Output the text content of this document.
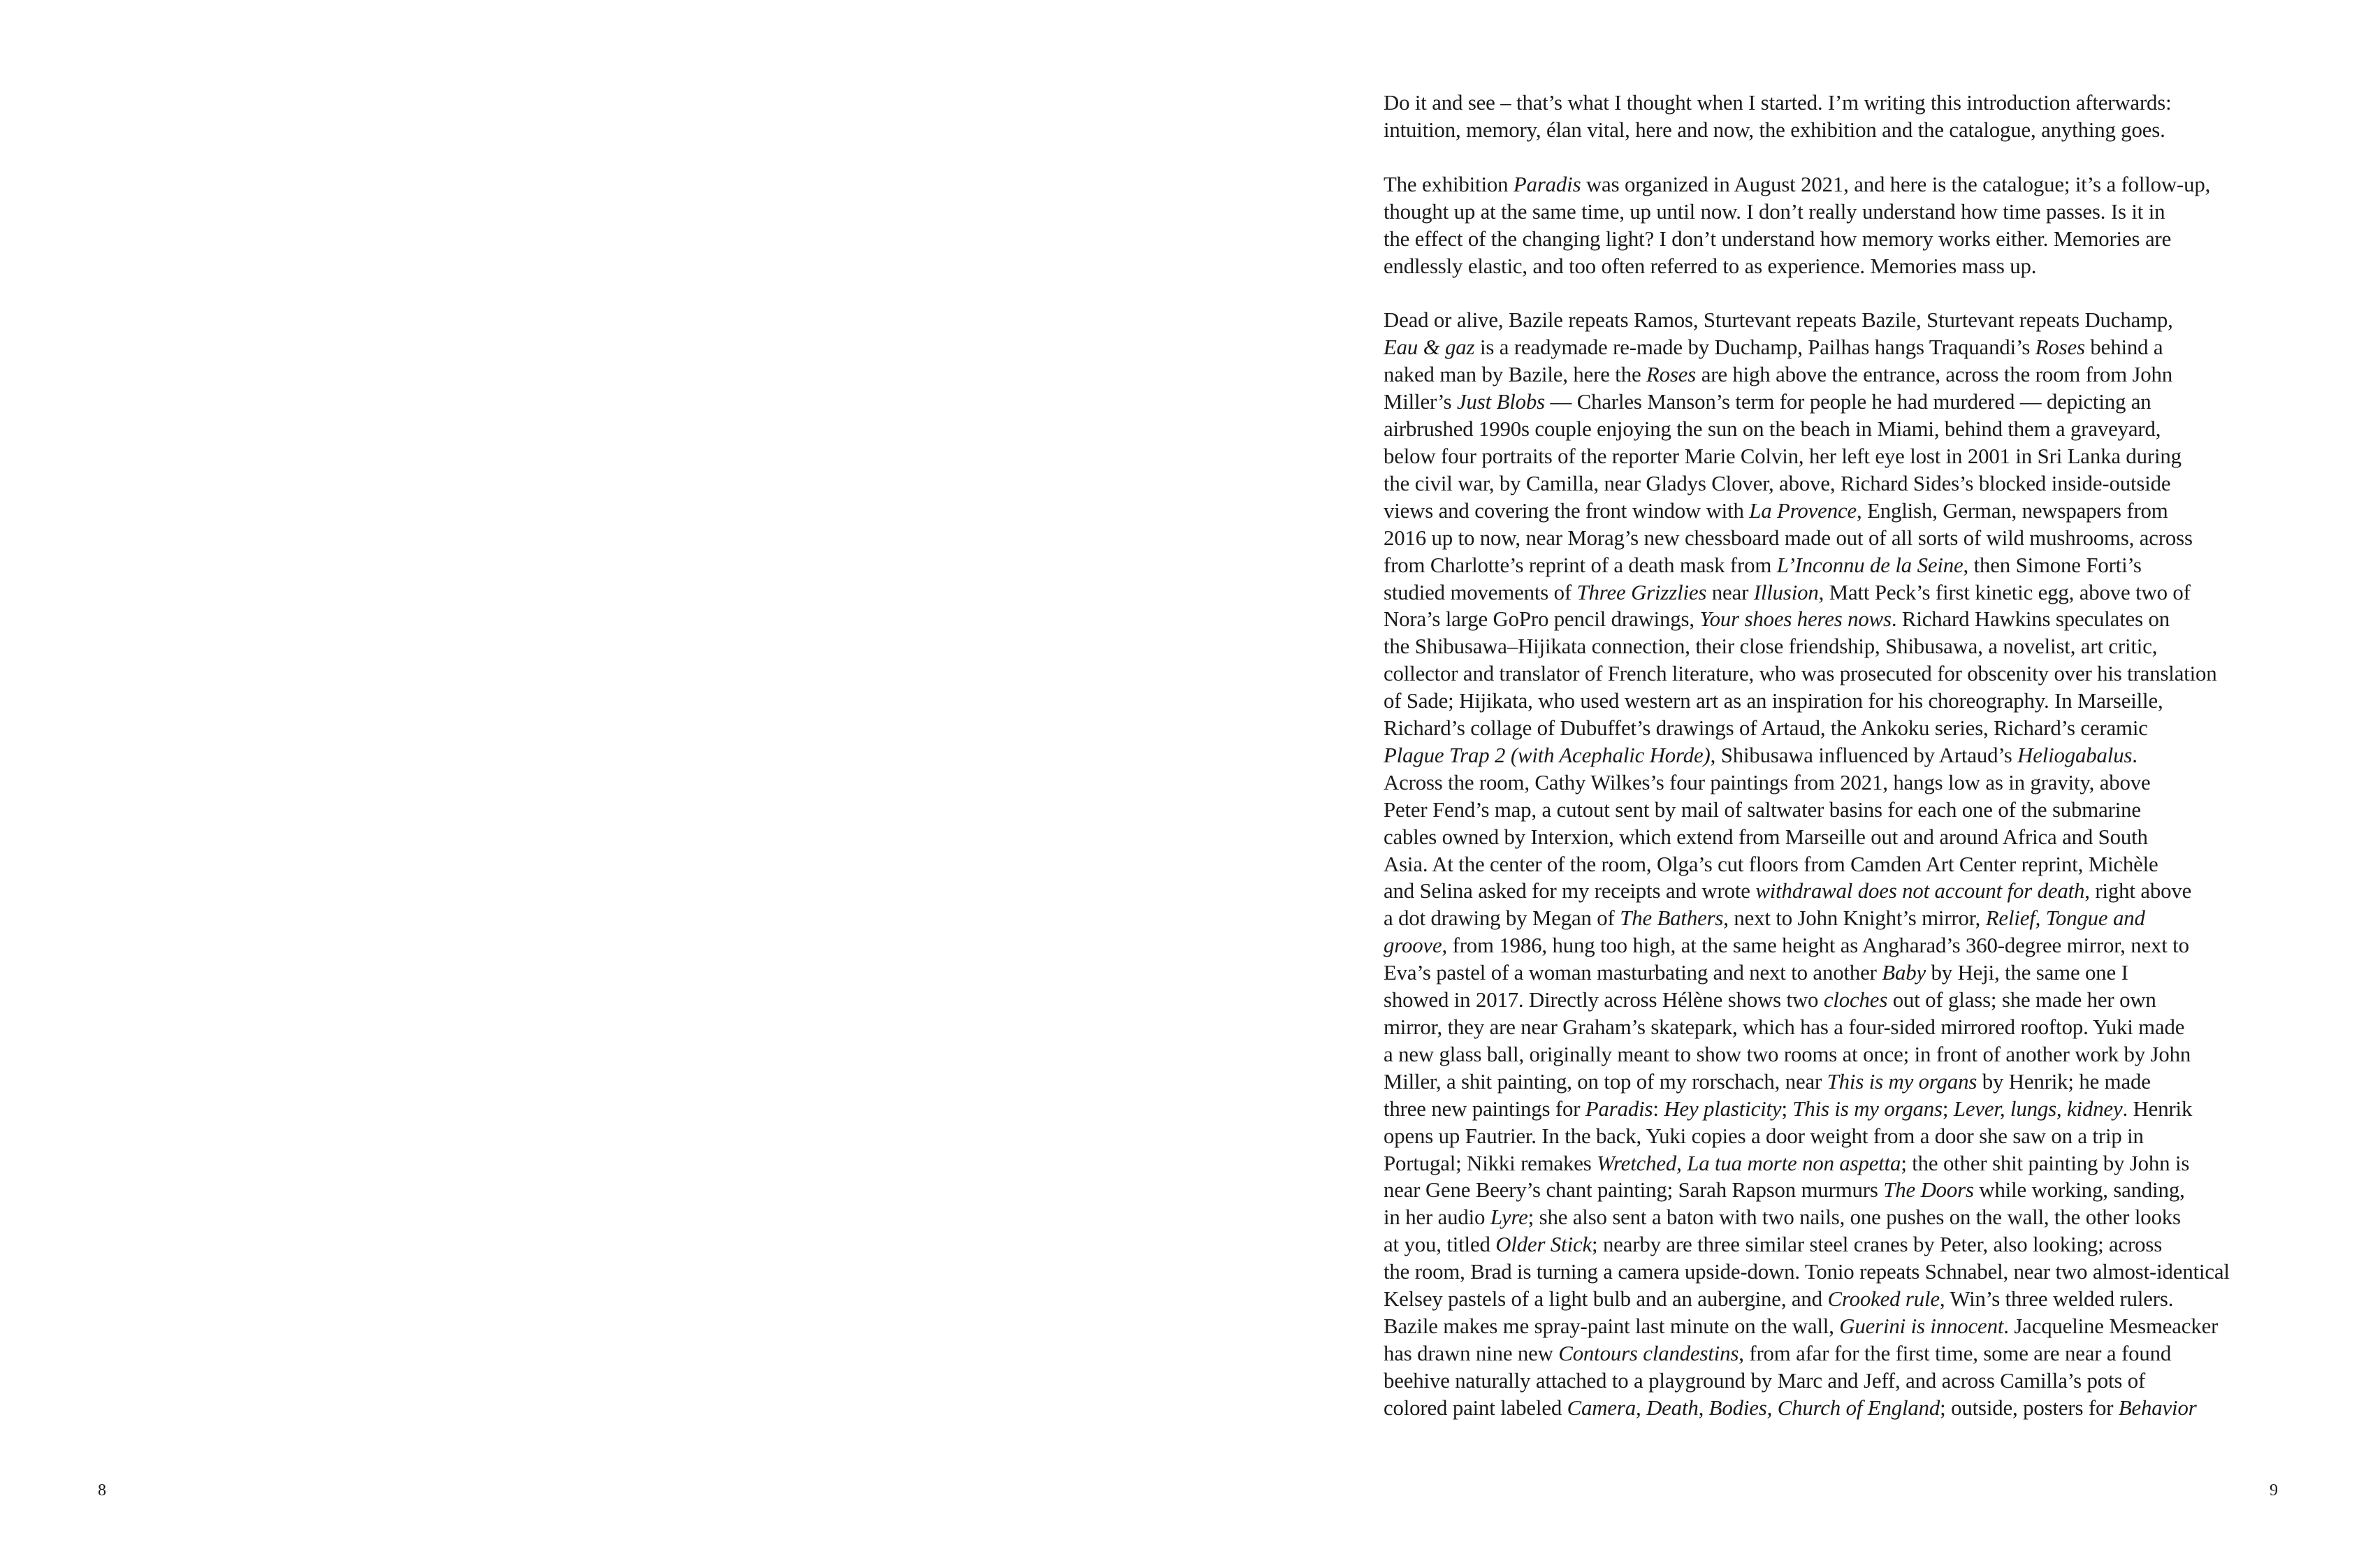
8
Do it and see – that’s what I thought when I started. I’m writing this introduction afterwards:
intuition, memory, élan vital, here and now, the exhibition and the catalogue, anything goes.
The exhibition Paradis was organized in August 2021, and here is the catalogue; it’s a follow-up,
thought up at the same time, up until now. I don’t really understand how time passes. Is it in
the effect of the changing light? I don’t understand how memory works either. Memories are
endlessly elastic, and too often referred to as experience. Memories mass up.
Dead or alive, Bazile repeats Ramos, Sturtevant repeats Bazile, Sturtevant repeats Duchamp,
Eau & gaz is a readymade re-made by Duchamp, Pailhas hangs Traquandi’s Roses behind a
naked man by Bazile, here the Roses are high above the entrance, across the room from John
Miller’s Just Blobs — Charles Manson’s term for people he had murdered — depicting an
airbrushed 1990s couple enjoying the sun on the beach in Miami, behind them a graveyard,
below four portraits of the reporter Marie Colvin, her left eye lost in 2001 in Sri Lanka during
the civil war, by Camilla, near Gladys Clover, above, Richard Sides’s blocked inside-outside
views and covering the front window with La Provence, English, German, newspapers from
2016 up to now, near Morag’s new chessboard made out of all sorts of wild mushrooms, across
from Charlotte’s reprint of a death mask from L’Inconnu de la Seine, then Simone Forti’s
studied movements of Three Grizzlies near Illusion, Matt Peck’s first kinetic egg, above two of
Nora’s large GoPro pencil drawings, Your shoes heres nows. Richard Hawkins speculates on
the Shibusawa–Hijikata connection, their close friendship, Shibusawa, a novelist, art critic,
collector and translator of French literature, who was prosecuted for obscenity over his translation
of Sade; Hijikata, who used western art as an inspiration for his choreography. In Marseille,
Richard’s collage of Dubuffet’s drawings of Artaud, the Ankoku series, Richard’s ceramic
Plague Trap 2 (with Acephalic Horde), Shibusawa influenced by Artaud’s Heliogabalus.
Across the room, Cathy Wilkes’s four paintings from 2021, hangs low as in gravity, above
Peter Fend’s map, a cutout sent by mail of saltwater basins for each one of the submarine
cables owned by Interxion, which extend from Marseille out and around Africa and South
Asia. At the center of the room, Olga’s cut floors from Camden Art Center reprint, Michèle
and Selina asked for my receipts and wrote withdrawal does not account for death, right above
a dot drawing by Megan of The Bathers, next to John Knight’s mirror, Relief, Tongue and
groove, from 1986, hung too high, at the same height as Angharad’s 360-degree mirror, next to
Eva’s pastel of a woman masturbating and next to another Baby by Heji, the same one I
showed in 2017. Directly across Hélène shows two cloches out of glass; she made her own
mirror, they are near Graham’s skatepark, which has a four-sided mirrored rooftop. Yuki made
a new glass ball, originally meant to show two rooms at once; in front of another work by John
Miller, a shit painting, on top of my rorschach, near This is my organs by Henrik; he made
three new paintings for Paradis: Hey plasticity; This is my organs; Lever, lungs, kidney. Henrik
opens up Fautrier. In the back, Yuki copies a door weight from a door she saw on a trip in
Portugal; Nikki remakes Wretched, La tua morte non aspetta; the other shit painting by John is
near Gene Beery’s chant painting; Sarah Rapson murmurs The Doors while working, sanding,
in her audio Lyre; she also sent a baton with two nails, one pushes on the wall, the other looks
at you, titled Older Stick; nearby are three similar steel cranes by Peter, also looking; across
the room, Brad is turning a camera upside-down. Tonio repeats Schnabel, near two almost-identical
Kelsey pastels of a light bulb and an aubergine, and Crooked rule, Win’s three welded rulers.
Bazile makes me spray-paint last minute on the wall, Guerini is innocent. Jacqueline Mesmeacker
has drawn nine new Contours clandestins, from afar for the first time, some are near a found
beehive naturally attached to a playground by Marc and Jeff, and across Camilla’s pots of
colored paint labeled Camera, Death, Bodies, Church of England; outside, posters for Behavior
9
